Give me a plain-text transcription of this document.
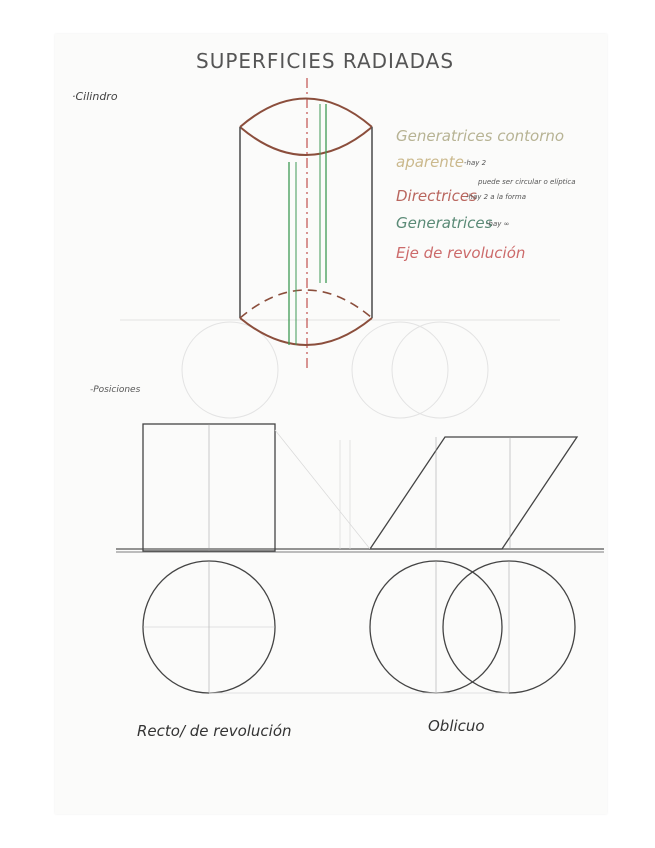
SUPERFICIES RADIADAS
·Cilindro
Generatrices contorno
aparente -hay 2
puede ser circular o elíptica
Directrices
-hay 2 a la forma
Generatrices
-hay ∞
Eje de revolución
-Posiciones
Recto/ de revolución	Oblicuo
